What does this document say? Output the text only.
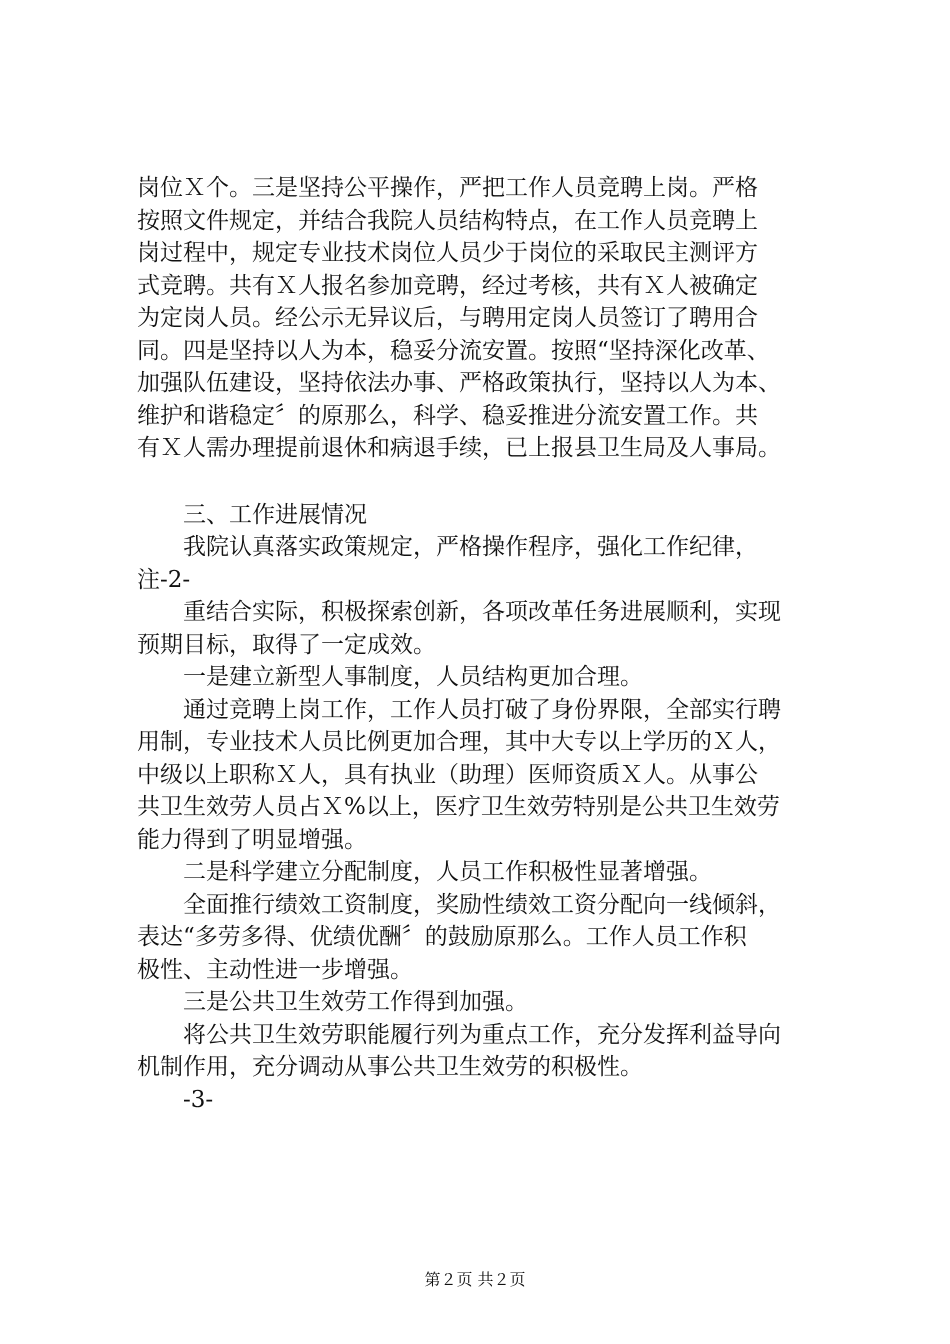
岗位Ｘ个。三是坚持公平操作，严把工作人员竞聘上岗。严格
按照文件规定，并结合我院人员结构特点，在工作人员竞聘上
岗过程中，规定专业技术岗位人员少于岗位的采取民主测评方
式竞聘。共有Ｘ人报名参加竞聘，经过考核，共有Ｘ人被确定
为定岗人员。经公示无异议后，与聘用定岗人员签订了聘用合
同。四是坚持以人为本，稳妥分流安置。按照“坚持深化改革、
加强队伍建设，坚持依法办事、严格政策执行，坚持以人为本、
维护和谐稳定〞的原那么，科学、稳妥推进分流安置工作。共
有Ｘ人需办理提前退休和病退手续，已上报县卫生局及人事局。
三、工作进展情况
我院认真落实政策规定，严格操作程序，强化工作纪律，
注-2-
重结合实际，积极探索创新，各项改革任务进展顺利，实现
预期目标，取得了一定成效。
一是建立新型人事制度，人员结构更加合理。
通过竞聘上岗工作，工作人员打破了身份界限，全部实行聘
用制，专业技术人员比例更加合理，其中大专以上学历的Ｘ人，
中级以上职称Ｘ人，具有执业（助理）医师资质Ｘ人。从事公
共卫生效劳人员占Ｘ%以上，医疗卫生效劳特别是公共卫生效劳
能力得到了明显增强。
二是科学建立分配制度，人员工作积极性显著增强。
全面推行绩效工资制度，奖励性绩效工资分配向一线倾斜，
表达“多劳多得、优绩优酬〞的鼓励原那么。工作人员工作积
极性、主动性进一步增强。
三是公共卫生效劳工作得到加强。
将公共卫生效劳职能履行列为重点工作，充分发挥利益导向
机制作用，充分调动从事公共卫生效劳的积极性。
-3-
第２页 共２页
